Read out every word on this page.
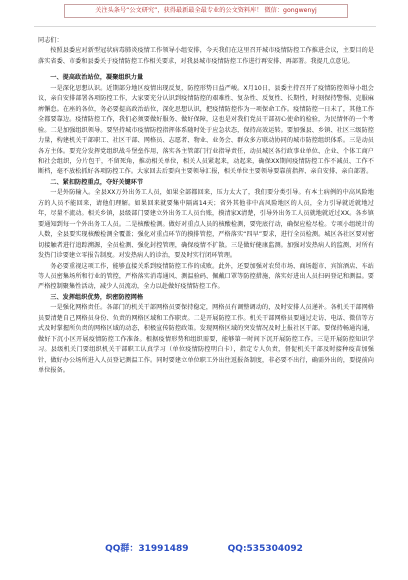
关注头条号“公文研究”，获得最新最全最专业的公文资料库！ 微信：gongwenyj

同志们：

按照县委应对新型冠状病毒肺炎疫情工作领导小组安排，今天我们在这里召开城市疫情防控工作推进会议，主要目的是落实省委、市委和县委关于疫情防控工作相关要求，对我县城市疫情防控工作进行再安排、再部署。我提几点意见。

一、提高政治站位，凝聚组织力量

一是深化思想认识。近期部分地区疫情出现反复，防控形势日益严峻。X月10日，县委主持召开了疫情防控领导小组会议，亲自安排部署各项防控工作，大家要充分认识到疫情防控的艰难性、复杂性、反复性、长期性，时刻保持警惕、克服麻痹懈怠。在座的各位，务必要提高政治站位，深化思想认识，把疫情防控作为一项保命工作。疫情防控一日未了，其他工作全都要靠边。疫情防控工作，我们必须要做好服务、做好保障，这也是对我们党员干部初心使命的检验，为民情怀的一个考验。二是加强组织领导。要坚持城市疫情防控指挥体系随时处于应急状态，保持高效运转。要加强县、乡镇、社区三级防控力量，构建机关干部职工、社区干部、网格员、志愿者、物业、业务会、群众多方联动协同的城市防控组织体系。三是动员各方主体。要充分发挥党组织战斗堡垒作用，落实各主管部门行业指导责任，动员城区各行政事业单位、企业、个体工商户和社会组织，分片包干，不留死角，推动相关单位，相关人员紧起来，动起来，确保XX期间疫情防控工作不减员、工作不断档，毫不放松抓好各项防控工作。大家回去后要向主要领导汇报，相关单位主要领导要靠前指挥、亲自安排、亲自部署。

二、紧扣防控重点，夺好关键环节

一是外防输入。全县XX万外出务工人员，如果全部都回来，压力太大了，我们要分类引导。有本土病例的中高风险地方的人员不能回来，请他们理解。如果回来就要集中隔离14天；省外其他非中高风险地区的人员，全力引导就近就地过年，尽量不流动。相关乡镇，县级部门要建立外出务工人员台账，摸清家X清楚，引导外出务工人员就地就近过XX。各乡镇要通知到每一个外出务工人员。二是核酸检测。做好对重点人员的核酸检测，要兜底行动，确保应检尽检。专项小组统计的人数，全县要实现核酸检测全覆盖；强化对重点环节的摸排管控，严格落实“四早”要求，进行全员检测。城区各社区要对密切接触者进行追踪溯源，全员检测、强化封控管理，确保疫情不扩散。三是做好健康监测。加强对发热病人的监测，对所有发热门诊要建立零报告制度。对发热病人的诊治，要及时实行闭环管理。

务必要重视这项工作，能够直接关系到疫情防控工作的成败。此外，还要加强对农贸市场、商场超市、宾馆酒店、车站等人员密集场所和行业的管控，严格落实消毒通风、测温验码、佩戴口罩等防控措施，落实好进出人员扫码登记和测温。要严格控制聚集性活动，减少人员流动，全力以赴做好疫情防控工作。

三、发挥组织优势，织密防控网格

一是强化网格责任。各部门的机关干部网格员要保持稳定，网格员有调整调动的，及时安排人员递补。各机关干部网格员要清楚自己网格员身份、负责的网格区域和工作职责。二是开展防控工作。机关干部网格员要通过走访、电话、微信等方式及时掌握所负责的网格区域的动态，积极宣传防控政策。发现网格区域的突发情况及时上报社区干部。要保持畅通沟通，做好下沉小区开展疫情防控工作准备。根据疫情形势和组织需要，能够第一时间下沉开展防控工作。三是开展防控知识学习。县级机关门要组织机关干部职工认真学习（单位疫情防控明白卡），指定专人负责，督促机关干部及时接种疫苗加强针，做好办公场所进入人员登记测温工作。同时要建立单位职工外出往返报备制度，非必要不出行，确需外出的，要提前向单位报备。

QQ群：31991489	QQ:535304092
